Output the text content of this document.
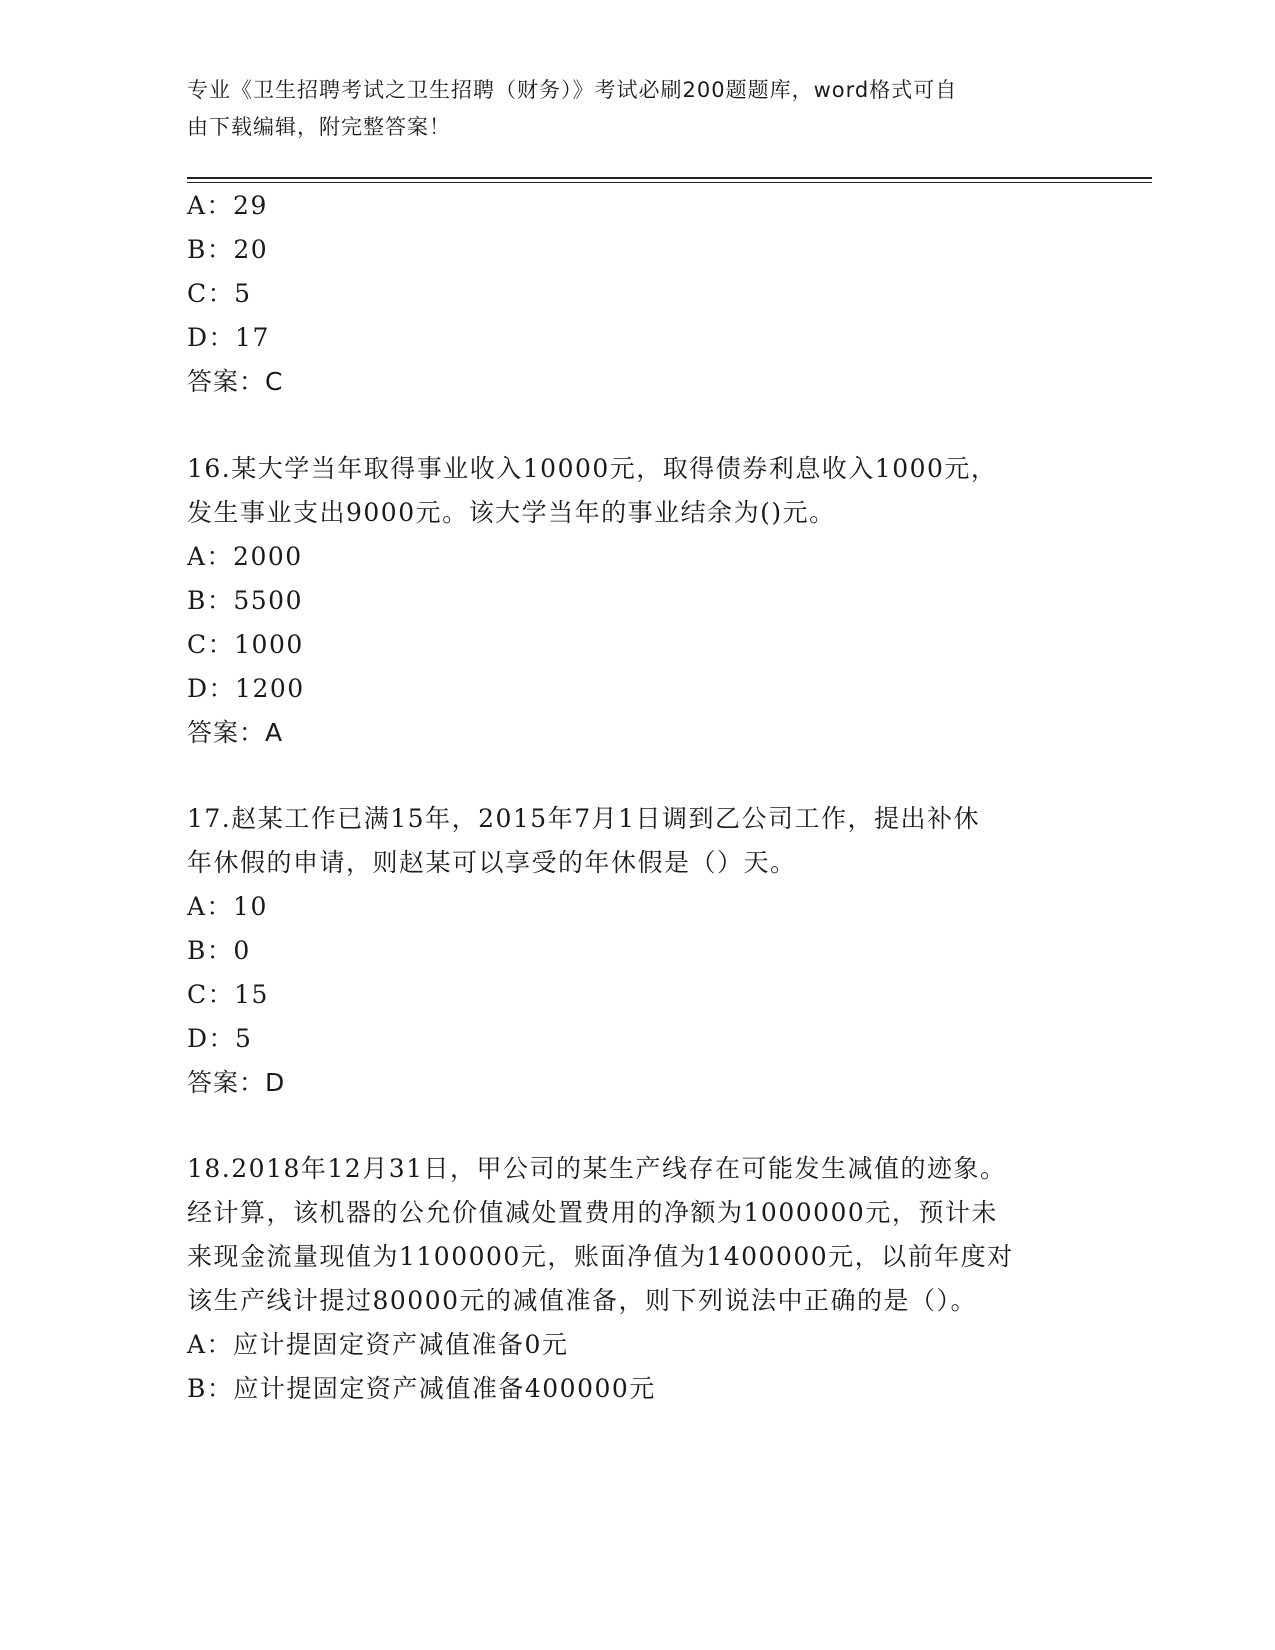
专业《卫生招聘考试之卫生招聘（财务）》考试必刷200题题库，word格式可自
由下载编辑，附完整答案！
A：29
B：20
C：5
D：17
答案：C
16.某大学当年取得事业收入10000元，取得债券利息收入1000元，
发生事业支出9000元。该大学当年的事业结余为()元。
A：2000
B：5500
C：1000
D：1200
答案：A
17.赵某工作已满15年，2015年7月1日调到乙公司工作，提出补休
年休假的申请，则赵某可以享受的年休假是（）天。
A：10
B：0
C：15
D：5
答案：D
18.2018年12月31日，甲公司的某生产线存在可能发生减值的迹象。
经计算，该机器的公允价值减处置费用的净额为1000000元，预计未
来现金流量现值为1100000元，账面净值为1400000元，以前年度对
该生产线计提过80000元的减值准备，则下列说法中正确的是（）。
A：应计提固定资产减值准备0元
B：应计提固定资产减值准备400000元
